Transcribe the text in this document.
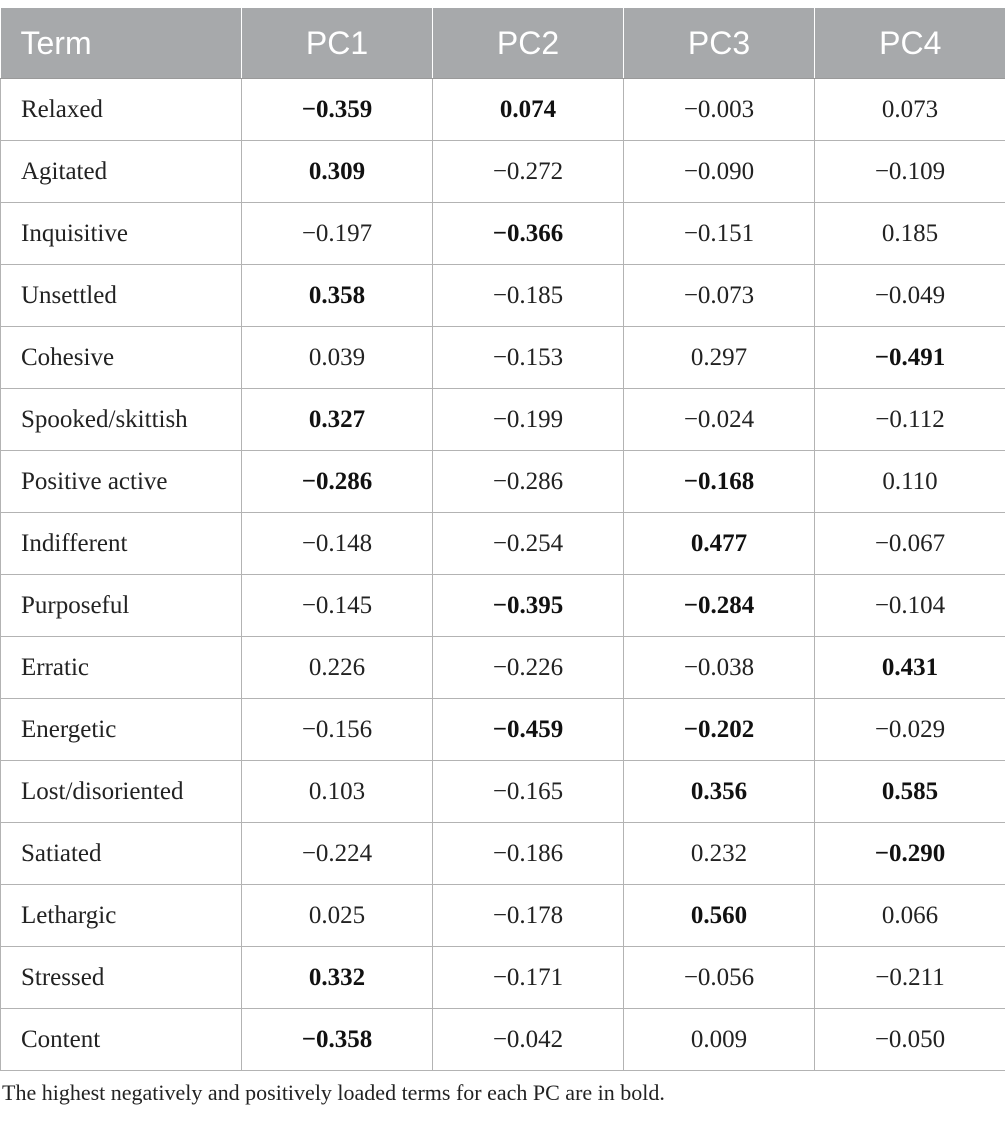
Term	PC1	PC2	PC3	PC4
Relaxed	−0.359	0.074	−0.003	0.073
Agitated	0.309	−0.272	−0.090	−0.109
Inquisitive	−0.197	−0.366	−0.151	0.185
Unsettled	0.358	−0.185	−0.073	−0.049
Cohesive	0.039	−0.153	0.297	−0.491
Spooked/skittish	0.327	−0.199	−0.024	−0.112
Positive active	−0.286	−0.286	−0.168	0.110
Indifferent	−0.148	−0.254	0.477	−0.067
Purposeful	−0.145	−0.395	−0.284	−0.104
Erratic	0.226	−0.226	−0.038	0.431
Energetic	−0.156	−0.459	−0.202	−0.029
Lost/disoriented	0.103	−0.165	0.356	0.585
Satiated	−0.224	−0.186	0.232	−0.290
Lethargic	0.025	−0.178	0.560	0.066
Stressed	0.332	−0.171	−0.056	−0.211
Content	−0.358	−0.042	0.009	−0.050
The highest negatively and positively loaded terms for each PC are in bold.
